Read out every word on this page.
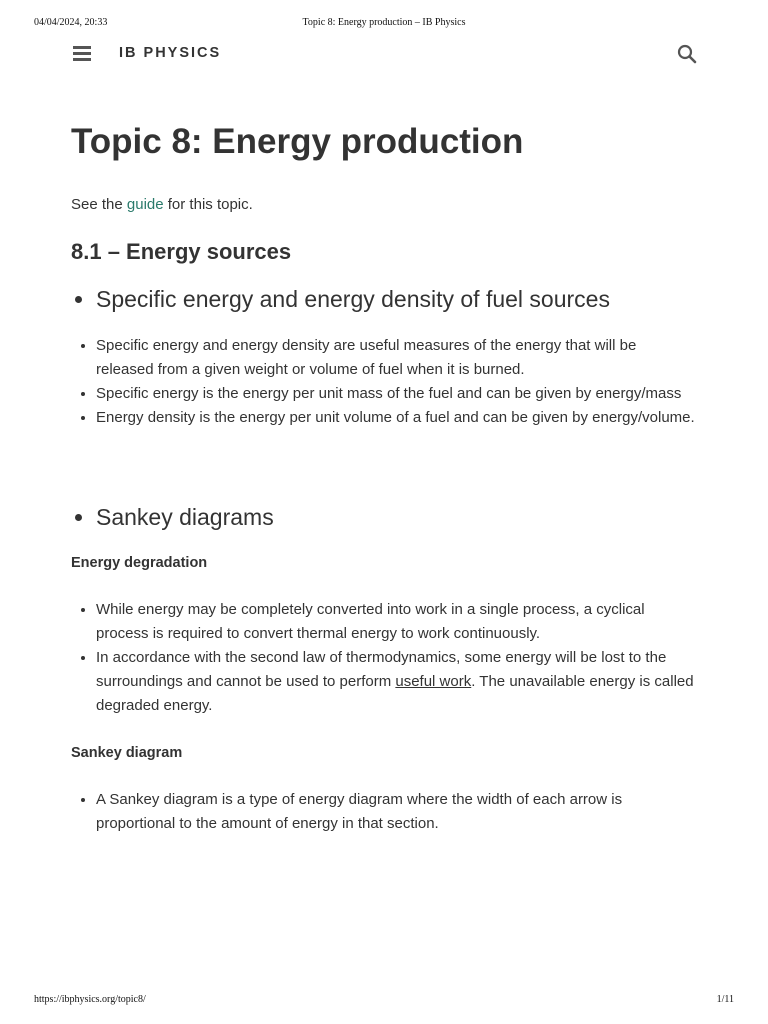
04/04/2024, 20:33	Topic 8: Energy production – IB Physics
IB PHYSICS
Topic 8: Energy production

See the guide for this topic.

8.1 – Energy sources
• Specific energy and energy density of fuel sources
• Specific energy and energy density are useful measures of the energy that will be released from a given weight or volume of fuel when it is burned.
• Specific energy is the energy per unit mass of the fuel and can be given by energy/mass
• Energy density is the energy per unit volume of a fuel and can be given by energy/volume.
• Sankey diagrams

Energy degradation

• While energy may be completely converted into work in a single process, a cyclical process is required to convert thermal energy to work continuously.
• In accordance with the second law of thermodynamics, some energy will be lost to the surroundings and cannot be used to perform useful work. The unavailable energy is called degraded energy.

Sankey diagram

• A Sankey diagram is a type of energy diagram where the width of each arrow is proportional to the amount of energy in that section.
https://ibphysics.org/topic8/	1/11
